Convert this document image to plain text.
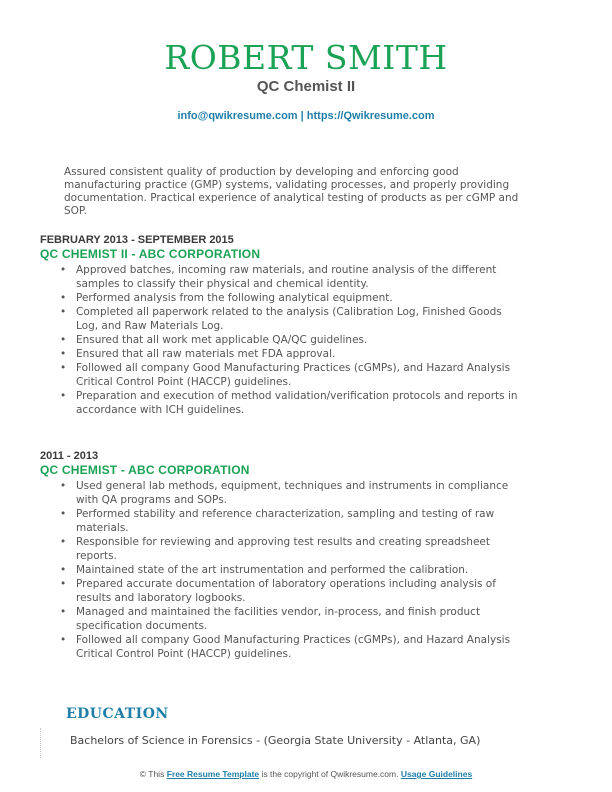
ROBERT SMITH
QC Chemist II
info@qwikresume.com | https://Qwikresume.com
Assured consistent quality of production by developing and enforcing good manufacturing practice (GMP) systems, validating processes, and properly providing documentation. Practical experience of analytical testing of products as per cGMP and SOP.
FEBRUARY 2013 - SEPTEMBER 2015
QC CHEMIST II - ABC CORPORATION
• Approved batches, incoming raw materials, and routine analysis of the different samples to classify their physical and chemical identity.
• Performed analysis from the following analytical equipment.
• Completed all paperwork related to the analysis (Calibration Log, Finished Goods Log, and Raw Materials Log.
• Ensured that all work met applicable QA/QC guidelines.
• Ensured that all raw materials met FDA approval.
• Followed all company Good Manufacturing Practices (cGMPs), and Hazard Analysis Critical Control Point (HACCP) guidelines.
• Preparation and execution of method validation/verification protocols and reports in accordance with ICH guidelines.
2011 - 2013
QC CHEMIST - ABC CORPORATION
• Used general lab methods, equipment, techniques and instruments in compliance with QA programs and SOPs.
• Performed stability and reference characterization, sampling and testing of raw materials.
• Responsible for reviewing and approving test results and creating spreadsheet reports.
• Maintained state of the art instrumentation and performed the calibration.
• Prepared accurate documentation of laboratory operations including analysis of results and laboratory logbooks.
• Managed and maintained the facilities vendor, in-process, and finish product specification documents.
• Followed all company Good Manufacturing Practices (cGMPs), and Hazard Analysis Critical Control Point (HACCP) guidelines.
EDUCATION
Bachelors of Science in Forensics - (Georgia State University - Atlanta, GA)
© This Free Resume Template is the copyright of Qwikresume.com. Usage Guidelines
